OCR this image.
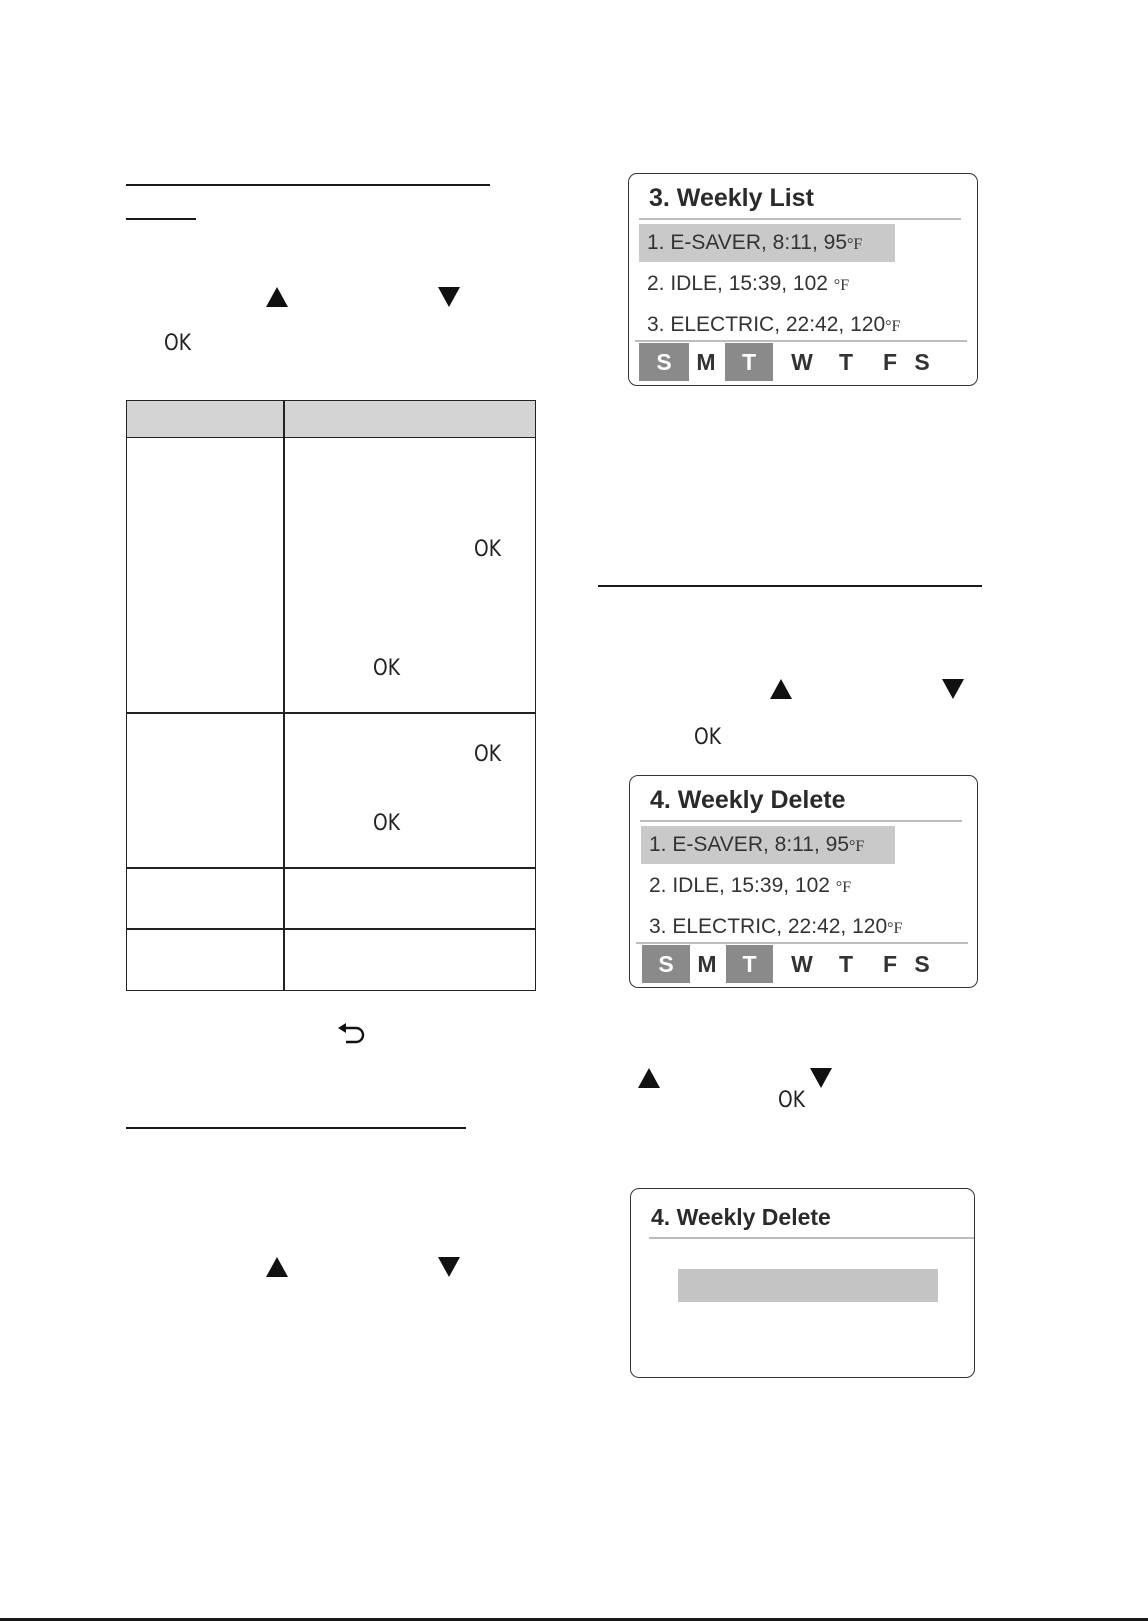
OK
OK
OK
OK
OK
3. Weekly List
1. E-SAVER, 8:11, 95°F
2. IDLE, 15:39, 102 °F
3. ELECTRIC, 22:42, 120°F
S	M	T	W	T	F S
OK
4. Weekly Delete
1. E-SAVER, 8:11, 95°F
2. IDLE, 15:39, 102 °F
3. ELECTRIC, 22:42, 120°F
S	M	T	W	T	F S
OK
4. Weekly Delete
